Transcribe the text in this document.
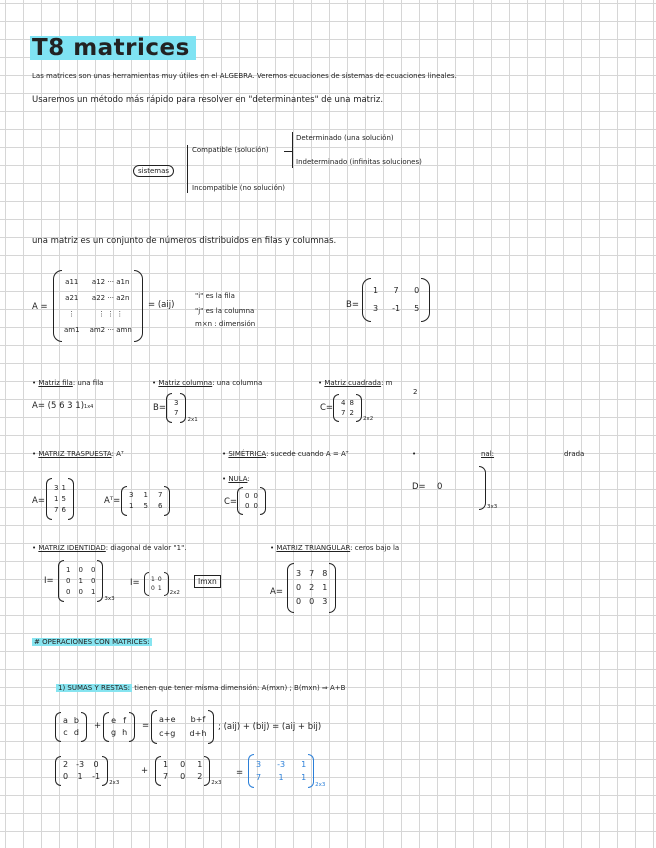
T8 matrices
Las matrices son unas herramientas muy útiles en el ALGEBRA. Veremos ecuaciones de sistemas de ecuaciones lineales.
Usaremos un método más rápido para resolver en "determinantes" de una matriz.
sistemas
Compatible (solución)
Determinado (una solución)
Indeterminado (infinitas soluciones)
Incompatible (no solución)
una matriz es un conjunto de números distribuidos en filas y columnas.
A =
a11	a12 ··· a1n
a21	a22 ··· a2n
⋮	⋮ ⋮ ⋮
am1 am2 ··· amn
= (aij)
"i" es la fila
"j" es la columna
m×n : dimensión
B=
1 7 0
3 -1 5
• Matriz fila: una fila
A= (5 6 3 1)1x4
• Matriz columna: una columna
B= 3
7
2x1
• Matriz cuadrada: m
2
C= 4 8
7 2
2x2
• MATRIZ TRASPUESTA: Aᵀ
A=
3 1
1 5
7 6
Aᵀ=
3 1 7
1 5 6
• SIMÉTRICA: sucede cuando A = Aᵀ
• NULA:
C=
0 0
0 0
•	nal:	drada
D= 0
3x3
• MATRIZ IDENTIDAD: diagonal de valor "1".
I=
1 0 0
0 1 0
0 0 1
3x3
I= 1 0
0 1
2x2
Imxn
• MATRIZ TRIANGULAR: ceros bajo la
A=
3 7 8
0 2 1
0 0 3
# OPERACIONES CON MATRICES:
1) SUMAS Y RESTAS: tienen que tener misma dimensión: A(mxn) ; B(mxn) ⇒ A+B
a b
c d
+
e f
g h
=
a+e b+f
c+g d+h
; (aij) + (bij) = (aij + bij)
2 -3 0
0 1 -1
2x3
+
1 0 1
7 0 2
2x3
=
3 -3 1
7 1 1
2x3
